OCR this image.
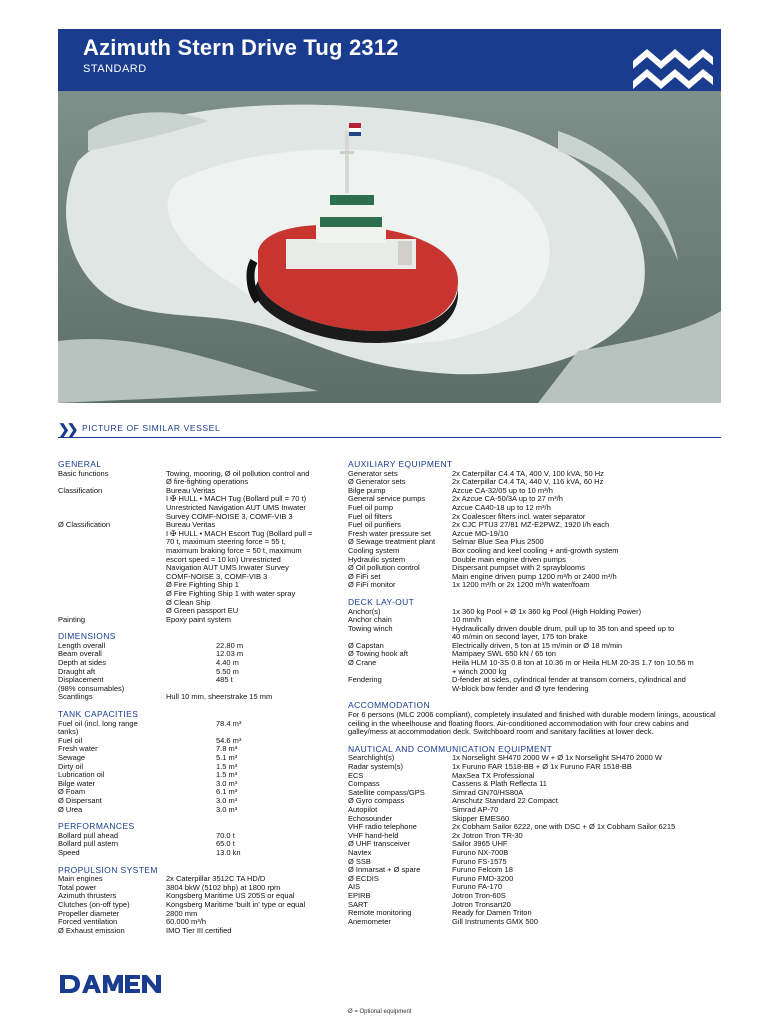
Azimuth Stern Drive Tug 2312
STANDARD
❯❯ PICTURE OF SIMILAR VESSEL
GENERAL
Basic functions	Towing, mooring, Ø oil pollution control and
Ø fire-fighting operations
Classification	Bureau Veritas
I ✠ HULL • MACH Tug (Bollard pull = 70 t)
Unrestricted Navigation AUT UMS Inwater
Survey COMF-NOISE 3, COMF-VIB 3
Ø Classification	Bureau Veritas
I ✠ HULL • MACH Escort Tug (Bollard pull =
70 t, maximum steering force = 55 t,
maximum braking force = 50 t, maximum
escort speed = 10 kn) Unrestricted
Navigation AUT UMS Inwater Survey
COMF-NOISE 3, COMF-VIB 3
Ø Fire Fighting Ship 1
Ø Fire Fighting Ship 1 with water spray
Ø Clean Ship
Ø Green passport EU
Painting	Epoxy paint system
DIMENSIONS
Length overall	22.80 m
Beam overall	12.03 m
Depth at sides	4.40 m
Draught aft	5.50 m
Displacement	485 t
(98% consumables)
Scantlings	Hull 10 mm, sheerstrake 15 mm
TANK CAPACITIES
Fuel oil (incl. long range	78.4 m³
tanks)
Fuel oil	54.6 m³
Fresh water	7.8 m³
Sewage	5.1 m³
Dirty oil	1.5 m³
Lubrication oil	1.5 m³
Bilge water	3.0 m³
Ø Foam	6.1 m³
Ø Dispersant	3.0 m³
Ø Urea	3.0 m³
PERFORMANCES
Bollard pull ahead	70.0 t
Bollard pull astern	65.0 t
Speed	13.0 kn
PROPULSION SYSTEM
Main engines	2x Caterpillar 3512C TA HD/D
Total power	3804 bkW (5102 bhp) at 1800 rpm
Azimuth thrusters	Kongsberg Maritime US 205S or equal
Clutches (on-off type)	Kongsberg Maritime 'built in' type or equal
Propeller diameter	2800 mm
Forced ventilation	60.000 m³/h
Ø Exhaust emission	IMO Tier III certified
AUXILIARY EQUIPMENT
Generator sets	2x Caterpillar C4.4 TA, 400 V, 100 kVA, 50 Hz
Ø Generator sets	2x Caterpillar C4.4 TA, 440 V, 116 kVA, 60 Hz
Bilge pump	Azcue CA-32/05 up to 10 m³/h
General service pumps	2x Azcue CA-50/3A up to 27 m³/h
Fuel oil pump	Azcue CA40-18 up to 12 m³/h
Fuel oil filters	2x Coalescer filters incl. water separator
Fuel oil purifiers	2x CJC PTU3 27/81 MZ-E2PWZ, 1920 l/h each
Fresh water pressure set	Azcue MO-19/10
Ø Sewage treatment plant	Selmar Blue Sea Plus 2500
Cooling system	Box cooling and keel cooling + anti-growth system
Hydraulic system	Double main engine driven pumps
Ø Oil pollution control	Dispersant pumpset with 2 sprayblooms
Ø FiFi set	Main engine driven pump 1200 m³/h or 2400 m³/h
Ø FiFi monitor	1x 1200 m³/h or 2x 1200 m³/h water/foam
DECK LAY-OUT
Anchor(s)	1x 360 kg Pool + Ø 1x 360 kg Pool (High Holding Power)
Anchor chain	10 mm/h
Towing winch	Hydraulically driven double drum, pull up to 35 ton and speed up to
40 m/min on second layer, 175 ton brake
Ø Capstan	Electrically driven, 5 ton at 15 m/min or Ø 18 m/min
Ø Towing hook aft	Mampaey SWL 650 kN / 65 ton
Ø Crane	Heila HLM 10-3S 0.8 ton at 10.36 m or Heila HLM 20-3S 1.7 ton 10.56 m
+ winch 2000 kg
Fendering	D-fender at sides, cylindrical fender at transom corners, cylindrical and
W-block bow fender and Ø tyre fendering
ACCOMMODATION
For 6 persons (MLC 2006 compliant), completely insulated and finished with durable modern linings, acoustical ceiling in the wheelhouse and floating floors. Air-conditioned accommodation with four crew cabins and galley/mess at accommodation deck. Switchboard room and sanitary facilities at lower deck.
NAUTICAL AND COMMUNICATION EQUIPMENT
Searchlight(s)	1x Norselight SH470 2000 W + Ø 1x Norselight SH470 2000 W
Radar system(s)	1x Furuno FAR 1518-BB + Ø 1x Furuno FAR 1518-BB
ECS	MaxSea TX Professional
Compass	Cassens & Plath Reflecta 11
Satellite compass/GPS	Simrad GN70/HS80A
Ø Gyro compass	Anschutz Standard 22 Compact
Autopilot	Simrad AP-70
Echosounder	Skipper EMES60
VHF radio telephone	2x Cobham Sailor 6222, one with DSC + Ø 1x Cobham Sailor 6215
VHF hand-held	2x Jotron Tron TR-30
Ø UHF transceiver	Sailor 3965 UHF
Navtex	Furuno NX-700B
Ø SSB	Furuno FS-1575
Ø Inmarsat + Ø spare	Furuno Felcom 18
Ø ECDIS	Furuno FMD-3200
AIS	Furuno FA-170
EPIRB	Jotron Tron-60S
SART	Jotron Tronsart20
Remote monitoring	Ready for Damen Triton
Anemometer	Gill Instruments GMX 500
Ø = Optional equipment
